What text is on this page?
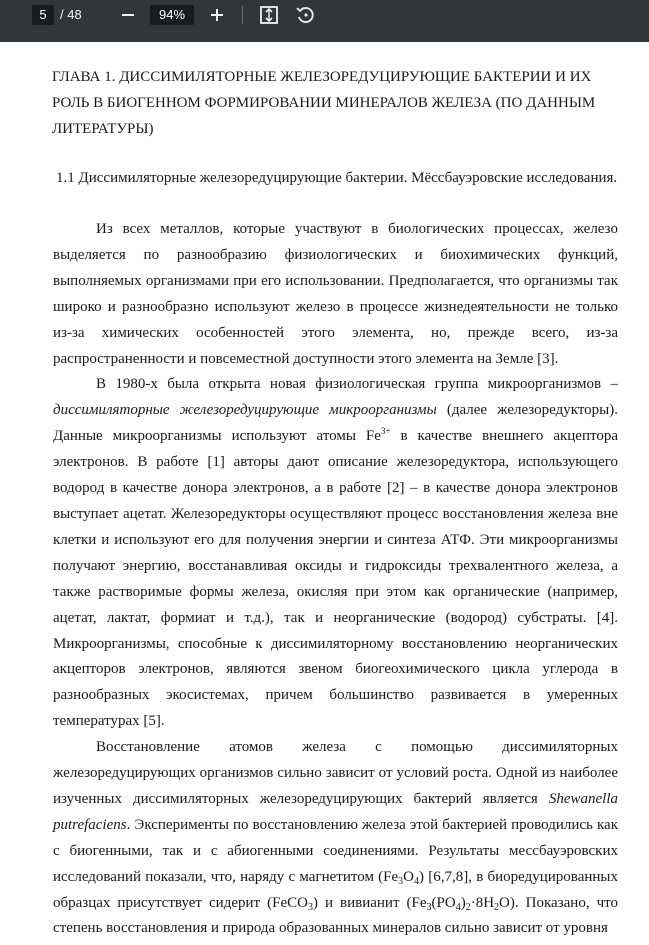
5	/ 48	94%
ГЛАВА 1. ДИССИМИЛЯТОРНЫЕ ЖЕЛЕЗОРЕДУЦИРУЮЩИЕ БАКТЕРИИ И ИХ РОЛЬ В БИОГЕННОМ ФОРМИРОВАНИИ МИНЕРАЛОВ ЖЕЛЕЗА (ПО ДАННЫМ ЛИТЕРАТУРЫ)
1.1 Диссимиляторные железоредуцирующие бактерии. Мёссбауэровские исследования.

Из всех металлов, которые участвуют в биологических процессах, железо выделяется по разнообразию физиологических и биохимических функций, выполняемых организмами при его использовании. Предполагается, что организмы так широко и разнообразно используют железо в процессе жизнедеятельности не только из-за химических особенностей этого элемента, но, прежде всего, из-за распространенности и повсеместной доступности этого элемента на Земле [3].

В 1980-х была открыта новая физиологическая группа микроорганизмов – диссимиляторные железоредуцирующие микроорганизмы (далее железоредукторы). Данные микроорганизмы используют атомы $Fe^{3+}$ в качестве внешнего акцептора электронов. В работе [1] авторы дают описание железоредуктора, использующего водород в качестве донора электронов, а в работе [2] – в качестве донора электронов выступает ацетат. Железоредукторы осуществляют процесс восстановления железа вне клетки и используют его для получения энергии и синтеза АТФ. Эти микроорганизмы получают энергию, восстанавливая оксиды и гидроксиды трехвалентного железа, а также растворимые формы железа, окисляя при этом как органические (например, ацетат, лактат, формиат и т.д.), так и неорганические (водород) субстраты. [4]. Микроорганизмы, способные к диссимиляторному восстановлению неорганических акцепторов электронов, являются звеном биогеохимического цикла углерода в разнообразных экосистемах, причем большинство развивается в умеренных температурах [5].

Восстановление атомов железа с помощью диссимиляторных железоредуцирующих организмов сильно зависит от условий роста. Одной из наиболее изученных диссимиляторных железоредуцирующих бактерий является Shewanella putrefaciens. Эксперименты по восстановлению железа этой бактерией проводились как с биогенными, так и с абиогенными соединениями. Результаты мессбауэровских исследований показали, что, наряду с магнетитом $(Fe_3O_4)$ [6,7,8], в биоредуцированных образцах присутствует сидерит (FeCO$_3$) и вивианит $(Fe_3(PO_4)_2\cdot 8H_2O)$. Показано, что степень восстановления и природа образованных минералов сильно зависит от уровня
